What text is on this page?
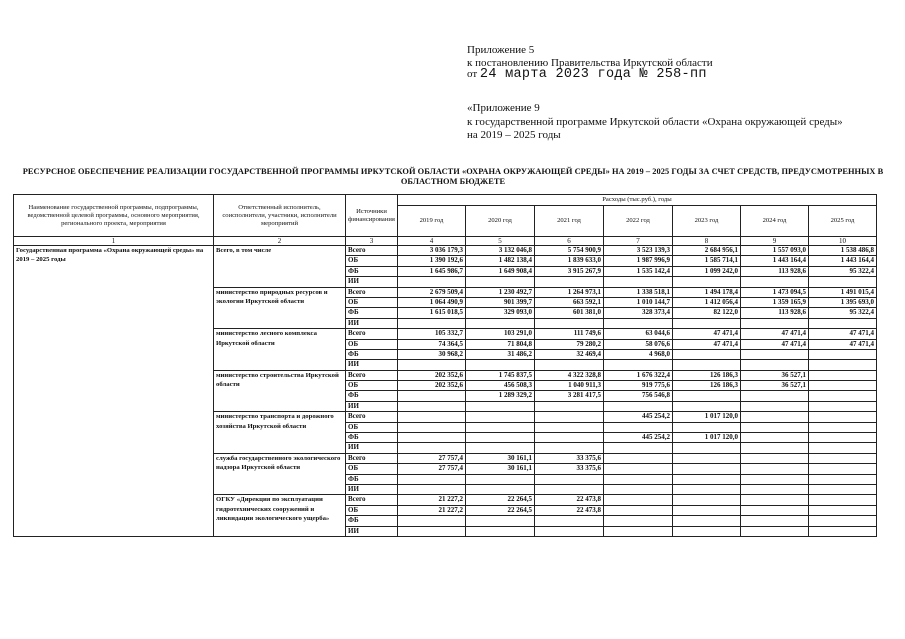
Приложение 5
к постановлению Правительства Иркутской области
от 24 марта 2023 года № 258-пп
«Приложение 9
к государственной программе Иркутской области «Охрана окружающей среды»
на 2019 – 2025 годы
РЕСУРСНОЕ ОБЕСПЕЧЕНИЕ РЕАЛИЗАЦИИ ГОСУДАРСТВЕННОЙ ПРОГРАММЫ ИРКУТСКОЙ ОБЛАСТИ «ОХРАНА ОКРУЖАЮЩЕЙ СРЕДЫ» НА 2019 – 2025 ГОДЫ ЗА СЧЕТ СРЕДСТВ, ПРЕДУСМОТРЕННЫХ В
ОБЛАСТНОМ БЮДЖЕТЕ
Наименование государственной программы, подпрограммы, ведомственной целевой программы, основного мероприятия, регионального проекта, мероприятия	Ответственный исполнитель, соисполнители, участники, исполнители мероприятий	Источники финансирования	Расходы (тыс.руб.), годы						
			2019 год	2020 год	2021 год	2022 год	2023 год	2024 год	2025 год
1	2	3	4	5	6	7	8	9	10
Государственная программа «Охрана окружающей среды» на 2019 – 2025 годы	Всего, в том числе	Всего	3 036 179,3	3 132 046,8	5 754 900,9	3 523 139,3	2 684 956,1	1 557 093,0	1 538 486,8
		ОБ	1 390 192,6	1 482 138,4	1 839 633,0	1 987 996,9	1 585 714,1	1 443 164,4	1 443 164,4
		ФБ	1 645 986,7	1 649 908,4	3 915 267,9	1 535 142,4	1 099 242,0	113 928,6	95 322,4
		ИИ							
	министерство природных ресурсов и экологии Иркутской области	Всего	2 679 509,4	1 230 492,7	1 264 973,1	1 338 518,1	1 494 178,4	1 473 094,5	1 491 015,4
		ОБ	1 064 490,9	901 399,7	663 592,1	1 010 144,7	1 412 056,4	1 359 165,9	1 395 693,0
		ФБ	1 615 018,5	329 093,0	601 381,0	328 373,4	82 122,0	113 928,6	95 322,4
		ИИ							
	министерство лесного комплекса Иркутской области	Всего	105 332,7	103 291,0	111 749,6	63 044,6	47 471,4	47 471,4	47 471,4
		ОБ	74 364,5	71 804,8	79 280,2	58 076,6	47 471,4	47 471,4	47 471,4
		ФБ	30 968,2	31 486,2	32 469,4	4 968,0			
		ИИ							
	министерство строительства Иркутской области	Всего	202 352,6	1 745 837,5	4 322 328,8	1 676 322,4	126 186,3	36 527,1	
		ОБ	202 352,6	456 508,3	1 040 911,3	919 775,6	126 186,3	36 527,1	
		ФБ		1 289 329,2	3 281 417,5	756 546,8			
		ИИ							
	министерство транспорта и дорожного хозяйства Иркутской области	Всего				445 254,2	1 017 120,0		
		ОБ							
		ФБ				445 254,2	1 017 120,0		
		ИИ							
	служба государственного экологического надзора Иркутской области	Всего	27 757,4	30 161,1	33 375,6				
		ОБ	27 757,4	30 161,1	33 375,6				
		ФБ							
		ИИ							
	ОГКУ «Дирекция по эксплуатации гидротехнических сооружений и ликвидации экологического ущерба»	Всего	21 227,2	22 264,5	22 473,8				
		ОБ	21 227,2	22 264,5	22 473,8				
		ФБ							
		ИИ							
